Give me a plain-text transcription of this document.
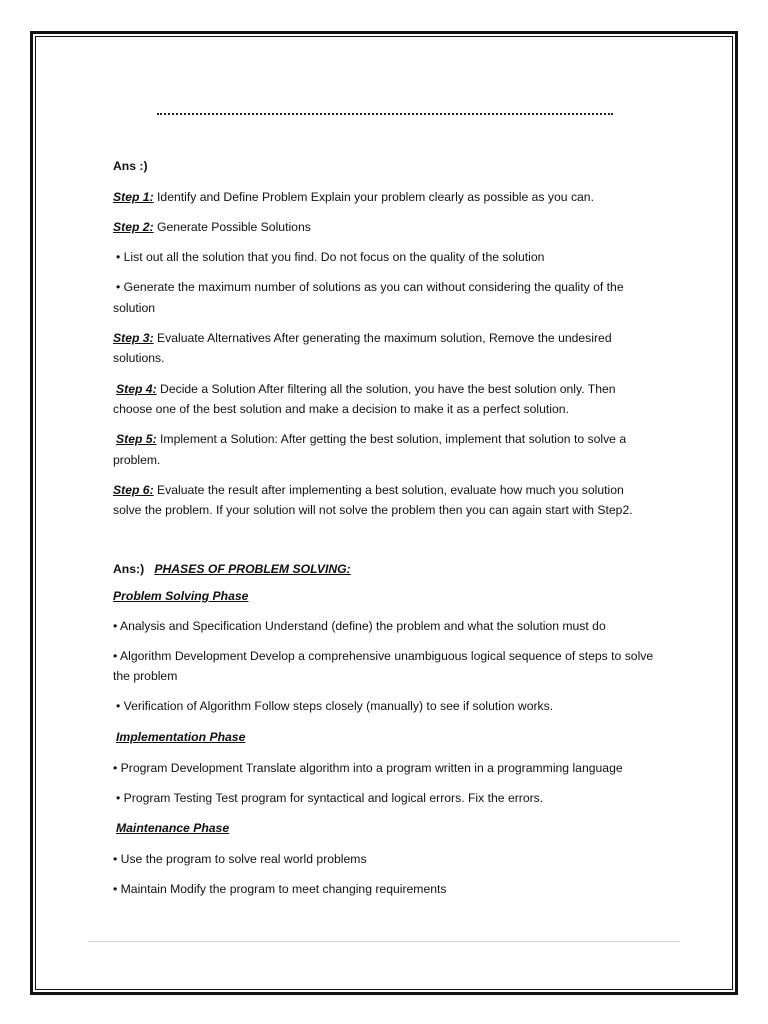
Ans :)
Step 1: Identify and Define Problem Explain your problem clearly as possible as you can.
Step 2: Generate Possible Solutions
• List out all the solution that you find. Do not focus on the quality of the solution
• Generate the maximum number of solutions as you can without considering the quality of the
solution
Step 3: Evaluate Alternatives After generating the maximum solution, Remove the undesired
solutions.
Step 4: Decide a Solution After filtering all the solution, you have the best solution only. Then
choose one of the best solution and make a decision to make it as a perfect solution.
Step 5: Implement a Solution: After getting the best solution, implement that solution to solve a
problem.
Step 6: Evaluate the result after implementing a best solution, evaluate how much you solution
solve the problem. If your solution will not solve the problem then you can again start with Step2.
Ans:) PHASES OF PROBLEM SOLVING:
Problem Solving Phase
• Analysis and Specification Understand (define) the problem and what the solution must do
• Algorithm Development Develop a comprehensive unambiguous logical sequence of steps to solve
the problem
• Verification of Algorithm Follow steps closely (manually) to see if solution works.
Implementation Phase
• Program Development Translate algorithm into a program written in a programming language
• Program Testing Test program for syntactical and logical errors. Fix the errors.
Maintenance Phase
• Use the program to solve real world problems
• Maintain Modify the program to meet changing requirements
